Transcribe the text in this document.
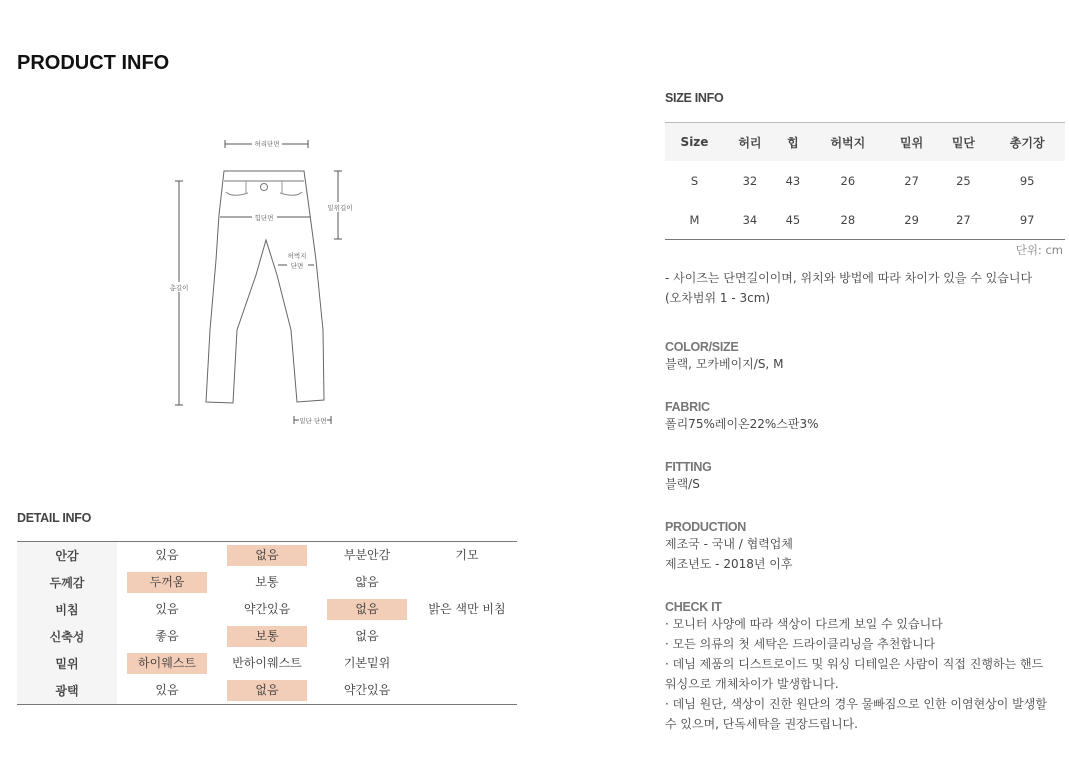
PRODUCT INFO
허리단면
힙단면
밑위길이
허벅지
단면
총길이
밑단 단면
DETAIL INFO
안감	있음	없음	부분안감	기모
두께감	두꺼움	보통	얇음	
비침	있음	약간있음	없음	밝은 색만 비침
신축성	좋음	보통	없음	
밑위	하이웨스트	반하이웨스트	기본밑위	
광택	있음	없음	약간있음	
SIZE INFO
Size	허리	힙	허벅지	밑위	밑단	총기장
S	32	43	26	27	25	95
M	34	45	28	29	27	97
단위: cm
- 사이즈는 단면길이이며, 위치와 방법에 따라 차이가 있을 수 있습니다
(오차범위 1 - 3cm)
COLOR/SIZE
블랙, 모카베이지/S, M
FABRIC
폴리75%레이온22%스판3%
FITTING
블랙/S
PRODUCTION
제조국 - 국내 / 협력업체
제조년도 - 2018년 이후
CHECK IT
· 모니터 사양에 따라 색상이 다르게 보일 수 있습니다
· 모든 의류의 첫 세탁은 드라이클리닝을 추천합니다
· 데님 제품의 디스트로이드 및 워싱 디테일은 사람이 직접 진행하는 핸드
워싱으로 개체차이가 발생합니다.
· 데님 원단, 색상이 진한 원단의 경우 물빠짐으로 인한 이염현상이 발생할
수 있으며, 단독세탁을 권장드립니다.
